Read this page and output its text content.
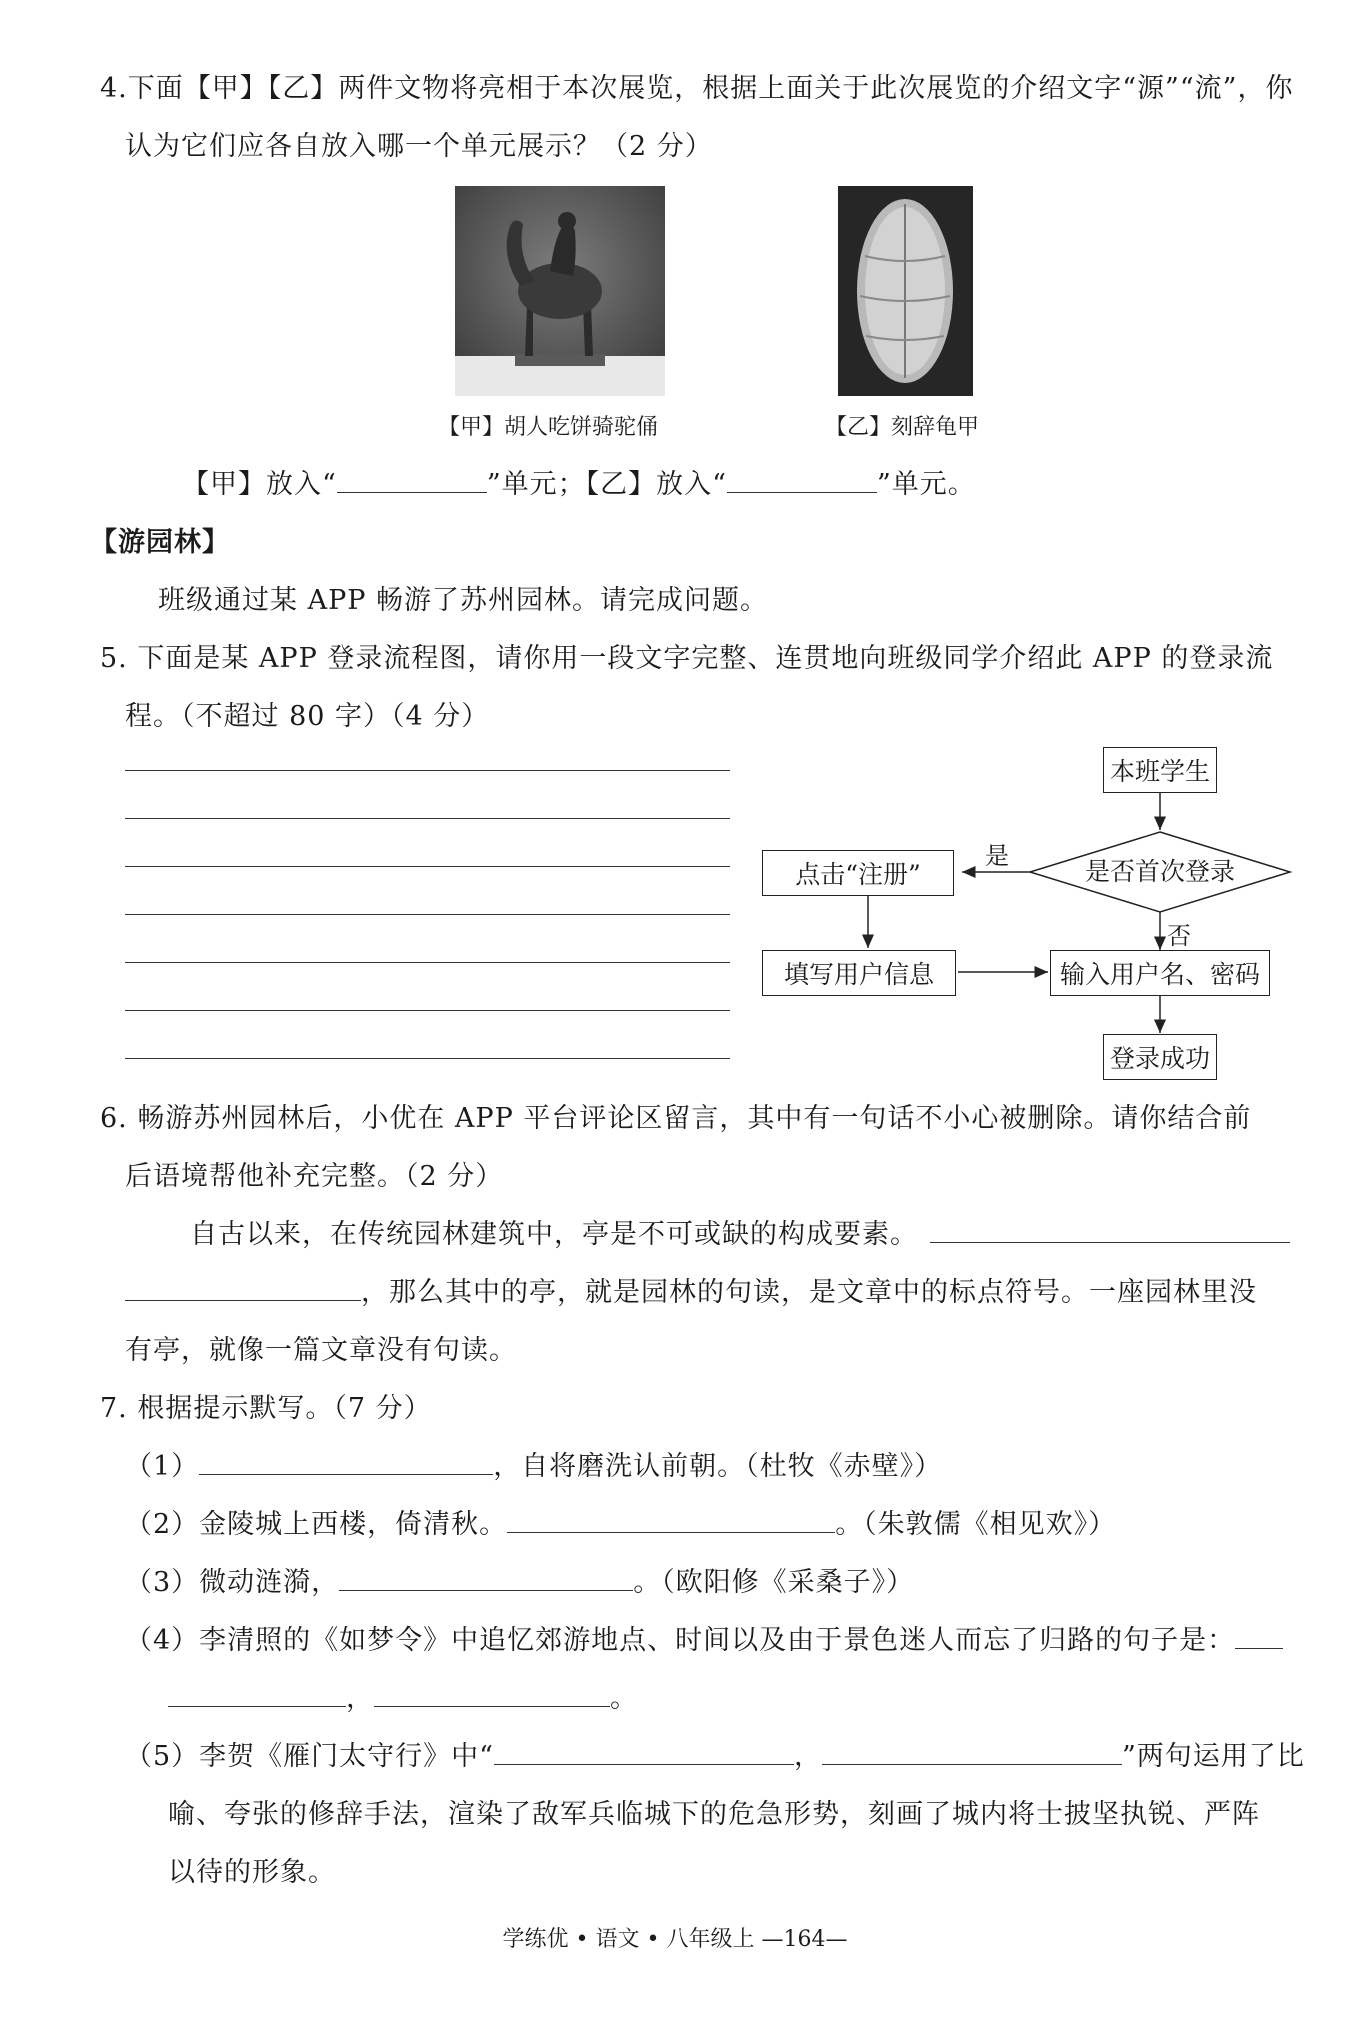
4.下面【甲】【乙】两件文物将亮相于本次展览，根据上面关于此次展览的介绍文字“源”“流”，你
认为它们应各自放入哪一个单元展示？（2 分）
【甲】胡人吃饼骑驼俑	【乙】刻辞龟甲
【甲】放入“	”单元；【乙】放入“	”单元。
【游园林】
班级通过某 APP 畅游了苏州园林。请完成问题。
5. 下面是某 APP 登录流程图，请你用一段文字完整、连贯地向班级同学介绍此 APP 的登录流
程。（不超过 80 字）（4 分）
本班学生
是否首次登录
是
否
点击“注册”
填写用户信息	输入用户名、密码
登录成功
6. 畅游苏州园林后，小优在 APP 平台评论区留言，其中有一句话不小心被删除。请你结合前
后语境帮他补充完整。（2 分）
自古以来，在传统园林建筑中，亭是不可或缺的构成要素。
，那么其中的亭，就是园林的句读，是文章中的标点符号。一座园林里没
有亭，就像一篇文章没有句读。
7. 根据提示默写。（7 分）
（1）	，自将磨洗认前朝。（杜牧《赤壁》）
（2）金陵城上西楼，倚清秋。	。（朱敦儒《相见欢》）
（3）微动涟漪，	。（欧阳修《采桑子》）
（4）李清照的《如梦令》中追忆郊游地点、时间以及由于景色迷人而忘了归路的句子是：
，	。
（5）李贺《雁门太守行》中“	，	”两句运用了比
喻、夸张的修辞手法，渲染了敌军兵临城下的危急形势，刻画了城内将士披坚执锐、严阵
以待的形象。
学练优 • 语文 • 八年级上 —164—
